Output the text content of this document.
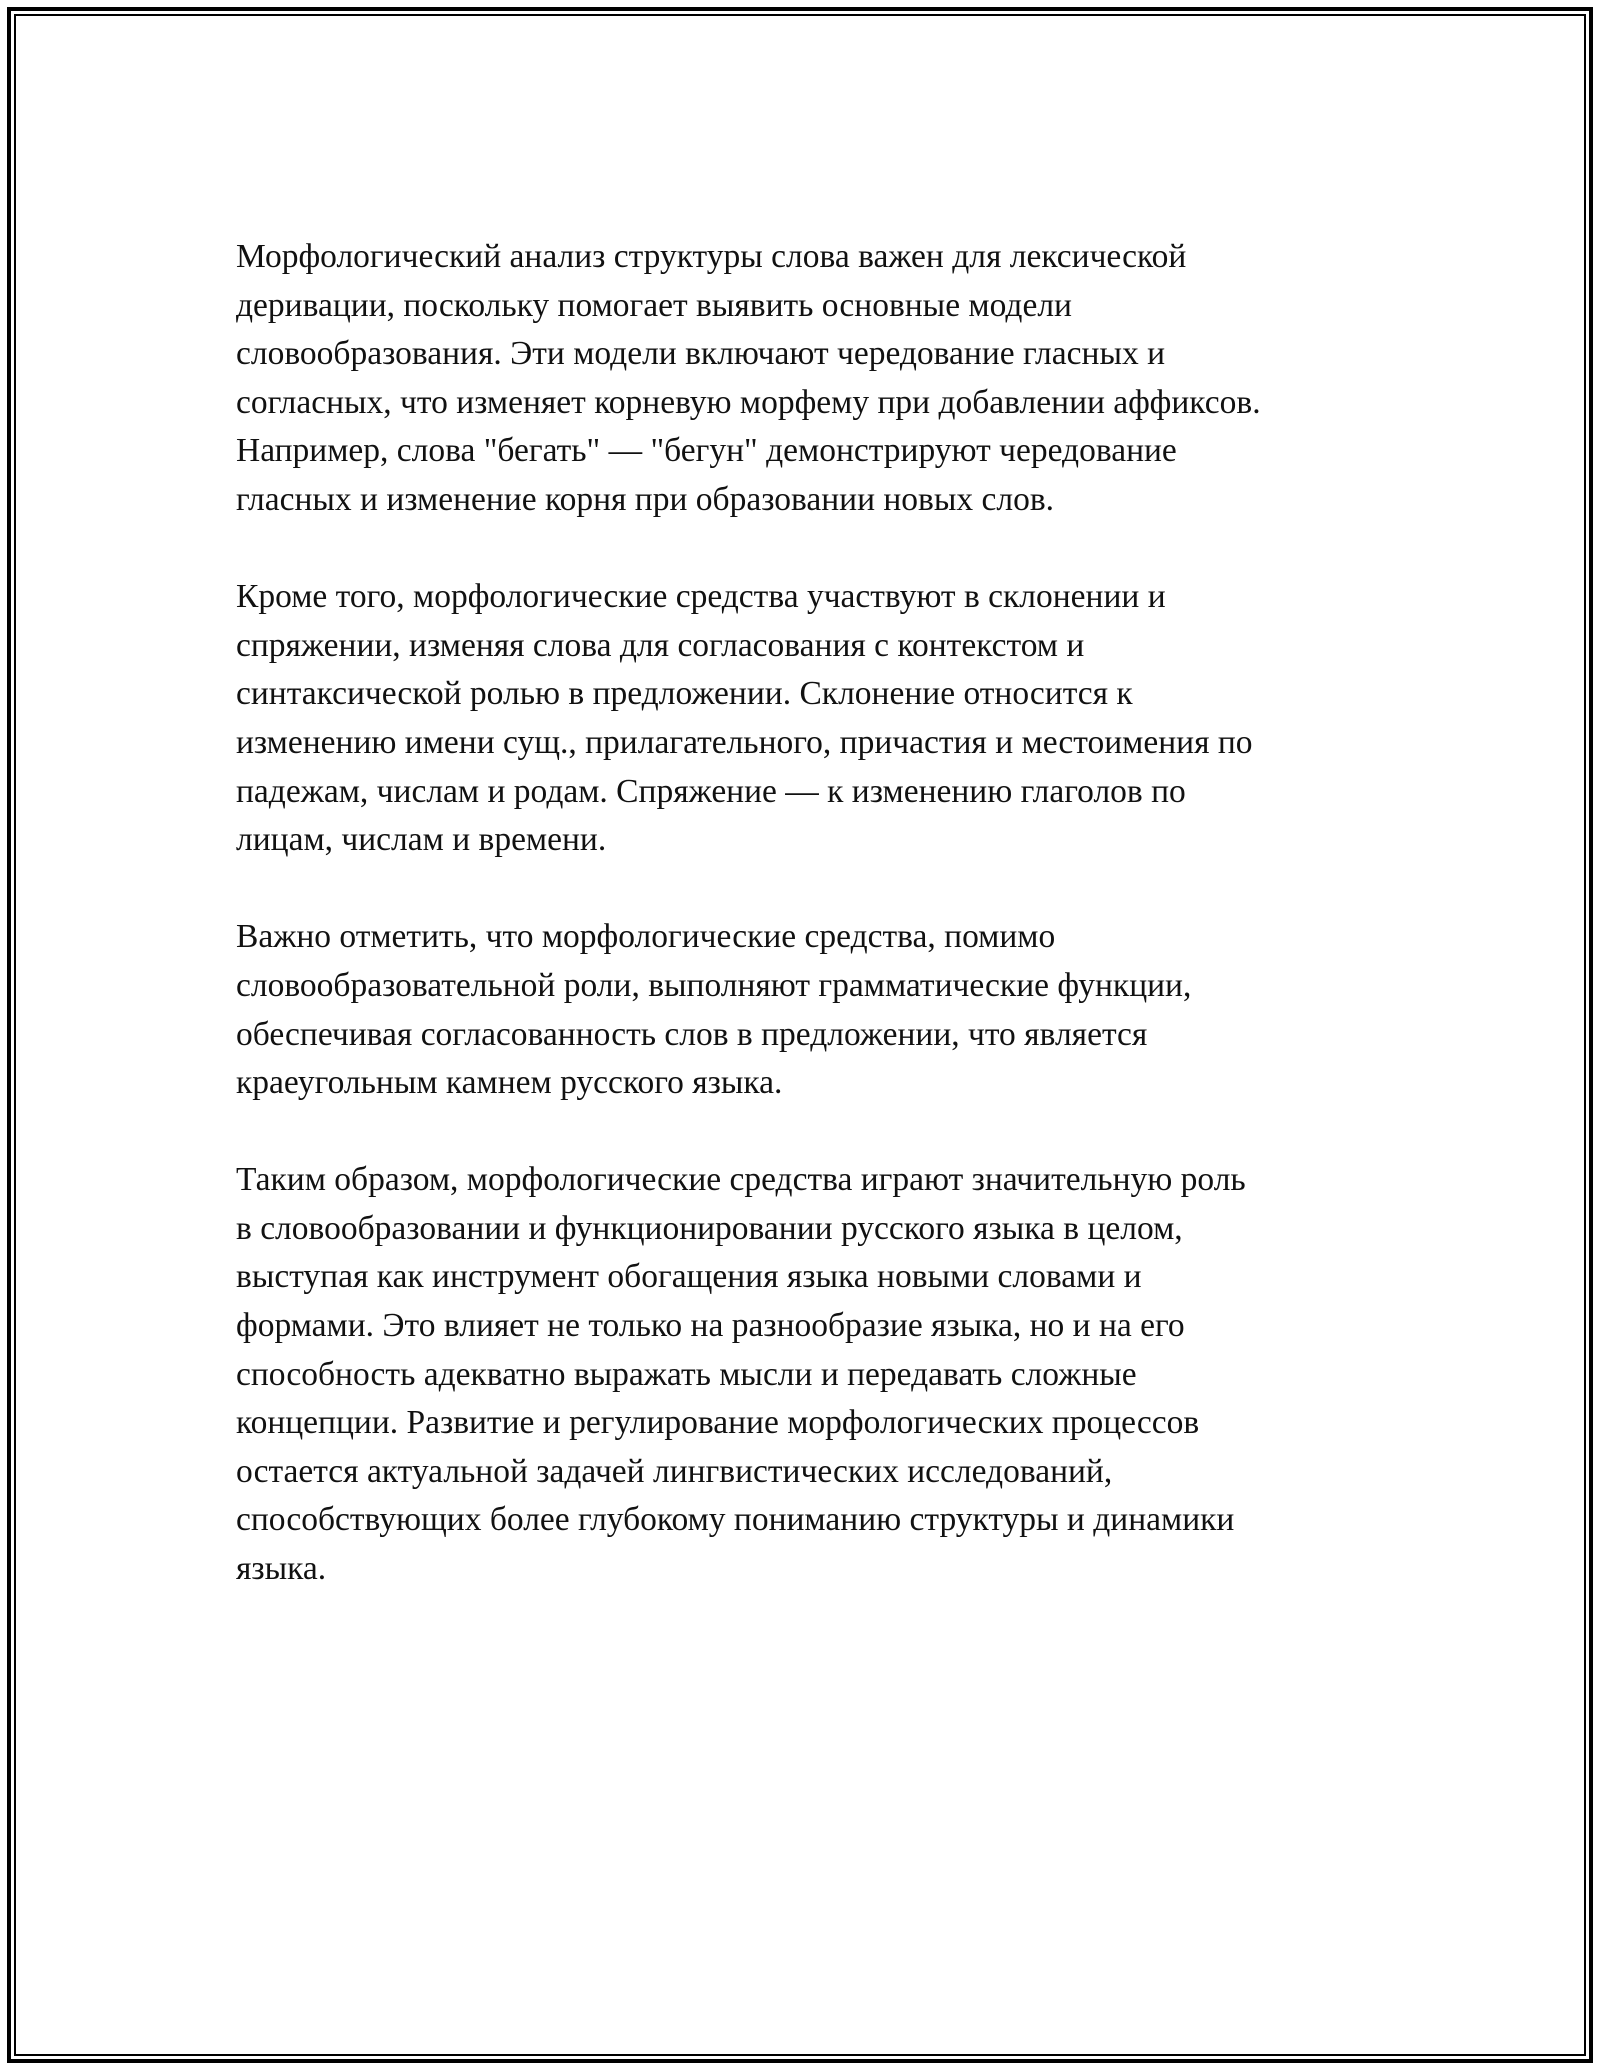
Морфологический анализ структуры слова важен для лексической
деривации, поскольку помогает выявить основные модели
словообразования. Эти модели включают чередование гласных и
согласных, что изменяет корневую морфему при добавлении аффиксов.
Например, слова "бегать" — "бегун" демонстрируют чередование
гласных и изменение корня при образовании новых слов.

Кроме того, морфологические средства участвуют в склонении и
спряжении, изменяя слова для согласования с контекстом и
синтаксической ролью в предложении. Склонение относится к
изменению имени сущ., прилагательного, причастия и местоимения по
падежам, числам и родам. Спряжение — к изменению глаголов по
лицам, числам и времени.

Важно отметить, что морфологические средства, помимо
словообразовательной роли, выполняют грамматические функции,
обеспечивая согласованность слов в предложении, что является
краеугольным камнем русского языка.

Таким образом, морфологические средства играют значительную роль
в словообразовании и функционировании русского языка в целом,
выступая как инструмент обогащения языка новыми словами и
формами. Это влияет не только на разнообразие языка, но и на его
способность адекватно выражать мысли и передавать сложные
концепции. Развитие и регулирование морфологических процессов
остается актуальной задачей лингвистических исследований,
способствующих более глубокому пониманию структуры и динамики
языка.
